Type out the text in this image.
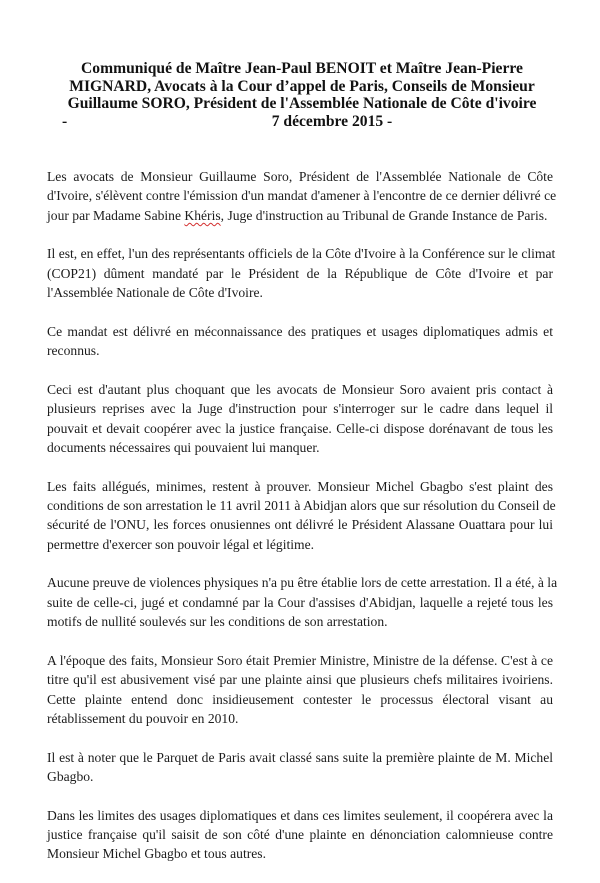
Communiqué de Maître Jean-Paul BENOIT et Maître Jean-Pierre
MIGNARD, Avocats à la Cour d’appel de Paris, Conseils de Monsieur
Guillaume SORO, Président de l'Assemblée Nationale de Côte d'ivoire
-	7 décembre 2015 -

Les avocats de Monsieur Guillaume Soro, Président de l'Assemblée Nationale de Côte
d'Ivoire, s'élèvent contre l'émission d'un mandat d'amener à l'encontre de ce dernier délivré ce
jour par Madame Sabine Khéris, Juge d'instruction au Tribunal de Grande Instance de Paris.

Il est, en effet, l'un des représentants officiels de la Côte d'Ivoire à la Conférence sur le climat
(COP21) dûment mandaté par le Président de la République de Côte d'Ivoire et par
l'Assemblée Nationale de Côte d'Ivoire.

Ce mandat est délivré en méconnaissance des pratiques et usages diplomatiques admis et
reconnus.

Ceci est d'autant plus choquant que les avocats de Monsieur Soro avaient pris contact à
plusieurs reprises avec la Juge d'instruction pour s'interroger sur le cadre dans lequel il
pouvait et devait coopérer avec la justice française. Celle-ci dispose dorénavant de tous les
documents nécessaires qui pouvaient lui manquer.

Les faits allégués, minimes, restent à prouver. Monsieur Michel Gbagbo s'est plaint des
conditions de son arrestation le 11 avril 2011 à Abidjan alors que sur résolution du Conseil de
sécurité de l'ONU, les forces onusiennes ont délivré le Président Alassane Ouattara pour lui
permettre d'exercer son pouvoir légal et légitime.

Aucune preuve de violences physiques n'a pu être établie lors de cette arrestation. Il a été, à la
suite de celle-ci, jugé et condamné par la Cour d'assises d'Abidjan, laquelle a rejeté tous les
motifs de nullité soulevés sur les conditions de son arrestation.

A l'époque des faits, Monsieur Soro était Premier Ministre, Ministre de la défense. C'est à ce
titre qu'il est abusivement visé par une plainte ainsi que plusieurs chefs militaires ivoiriens.
Cette plainte entend donc insidieusement contester le processus électoral visant au
rétablissement du pouvoir en 2010.

Il est à noter que le Parquet de Paris avait classé sans suite la première plainte de M. Michel
Gbagbo.

Dans les limites des usages diplomatiques et dans ces limites seulement, il coopérera avec la
justice française qu'il saisit de son côté d'une plainte en dénonciation calomnieuse contre
Monsieur Michel Gbagbo et tous autres.
